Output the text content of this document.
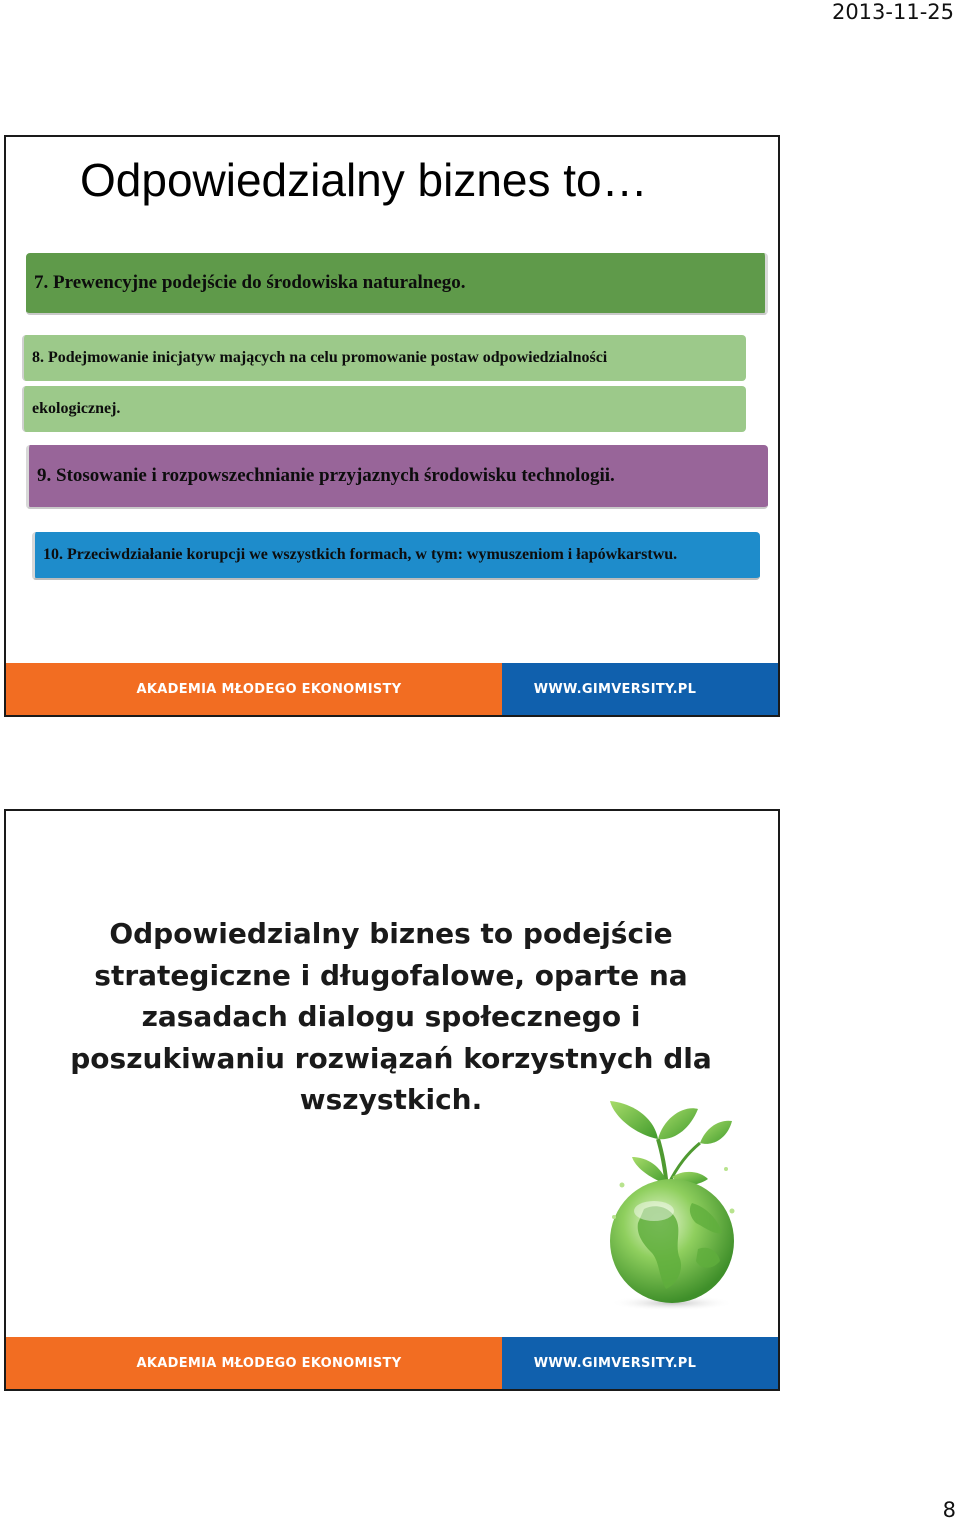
2013-11-25
Odpowiedzialny biznes to…
7. Prewencyjne podejście do środowiska naturalnego.
8. Podejmowanie inicjatyw mających na celu promowanie postaw odpowiedzialności
ekologicznej.
9. Stosowanie i rozpowszechnianie przyjaznych środowisku technologii.
10. Przeciwdziałanie korupcji we wszystkich formach, w tym: wymuszeniom i łapówkarstwu.
AKADEMIA MŁODEGO EKONOMISTY	WWW.GIMVERSITY.PL

Odpowiedzialny biznes to podejście

strategiczne i długofalowe, oparte na

zasadach dialogu społecznego i

poszukiwaniu rozwiązań korzystnych dla

wszystkich.

AKADEMIA MŁODEGO EKONOMISTY	WWW.GIMVERSITY.PL
8
